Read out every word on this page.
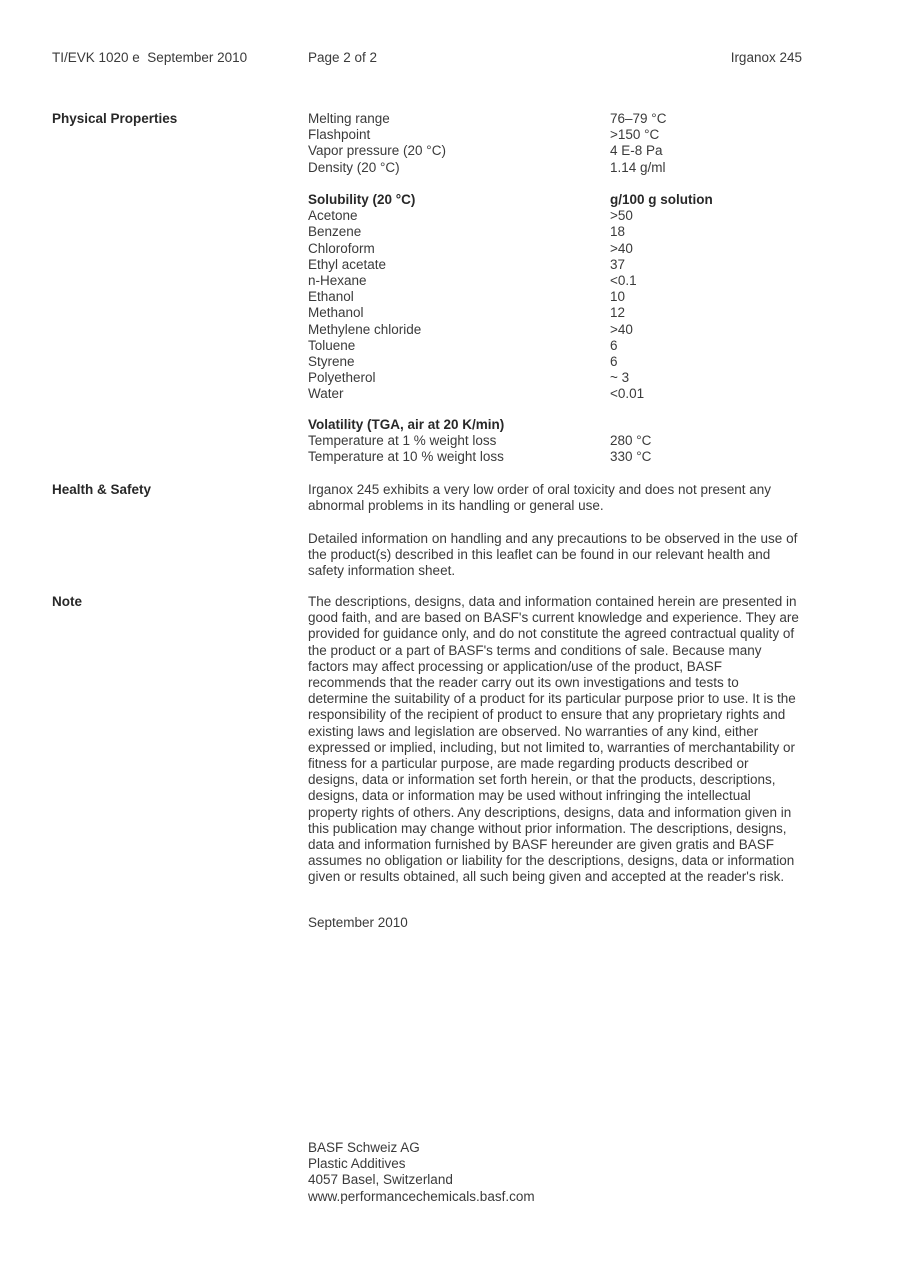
TI/EVK 1020 e  September 2010	Page 2 of 2	Irganox 245
Physical Properties	Melting range	76–79 °C
Flashpoint	>150 °C
Vapor pressure (20 °C)	4 E-8 Pa
Density (20 °C)	1.14 g/ml
Solubility (20 °C)	g/100 g solution
Acetone	>50
Benzene	18
Chloroform	>40
Ethyl acetate	37
n-Hexane	<0.1
Ethanol	10
Methanol	12
Methylene chloride	>40
Toluene	6
Styrene	6
Polyetherol	~ 3
Water	<0.01
Volatility (TGA, air at 20 K/min)
Temperature at 1 % weight loss	280 °C
Temperature at 10 % weight loss	330 °C
Health & Safety	Irganox 245 exhibits a very low order of oral toxicity and does not present any abnormal problems in its handling or general use.

Detailed information on handling and any precautions to be observed in the use of the product(s) described in this leaflet can be found in our relevant health and safety information sheet.

Note	The descriptions, designs, data and information contained herein are presented in good faith, and are based on BASF's current knowledge and experience. They are provided for guidance only, and do not constitute the agreed contractual quality of the product or a part of BASF's terms and conditions of sale. Because many factors may affect processing or application/use of the product, BASF recommends that the reader carry out its own investigations and tests to determine the suitability of a product for its particular purpose prior to use. It is the responsibility of the recipient of product to ensure that any proprietary rights and existing laws and legislation are observed. No warranties of any kind, either expressed or implied, including, but not limited to, warranties of merchantability or fitness for a particular purpose, are made regarding products described or designs, data or information set forth herein, or that the products, descriptions, designs, data or information may be used without infringing the intellectual property rights of others. Any descriptions, designs, data and information given in this publication may change without prior information. The descriptions, designs, data and information furnished by BASF hereunder are given gratis and BASF assumes no obligation or liability for the descriptions, designs, data or information given or results obtained, all such being given and accepted at the reader's risk.

September 2010
BASF Schweiz AG
Plastic Additives
4057 Basel, Switzerland
www.performancechemicals.basf.com
